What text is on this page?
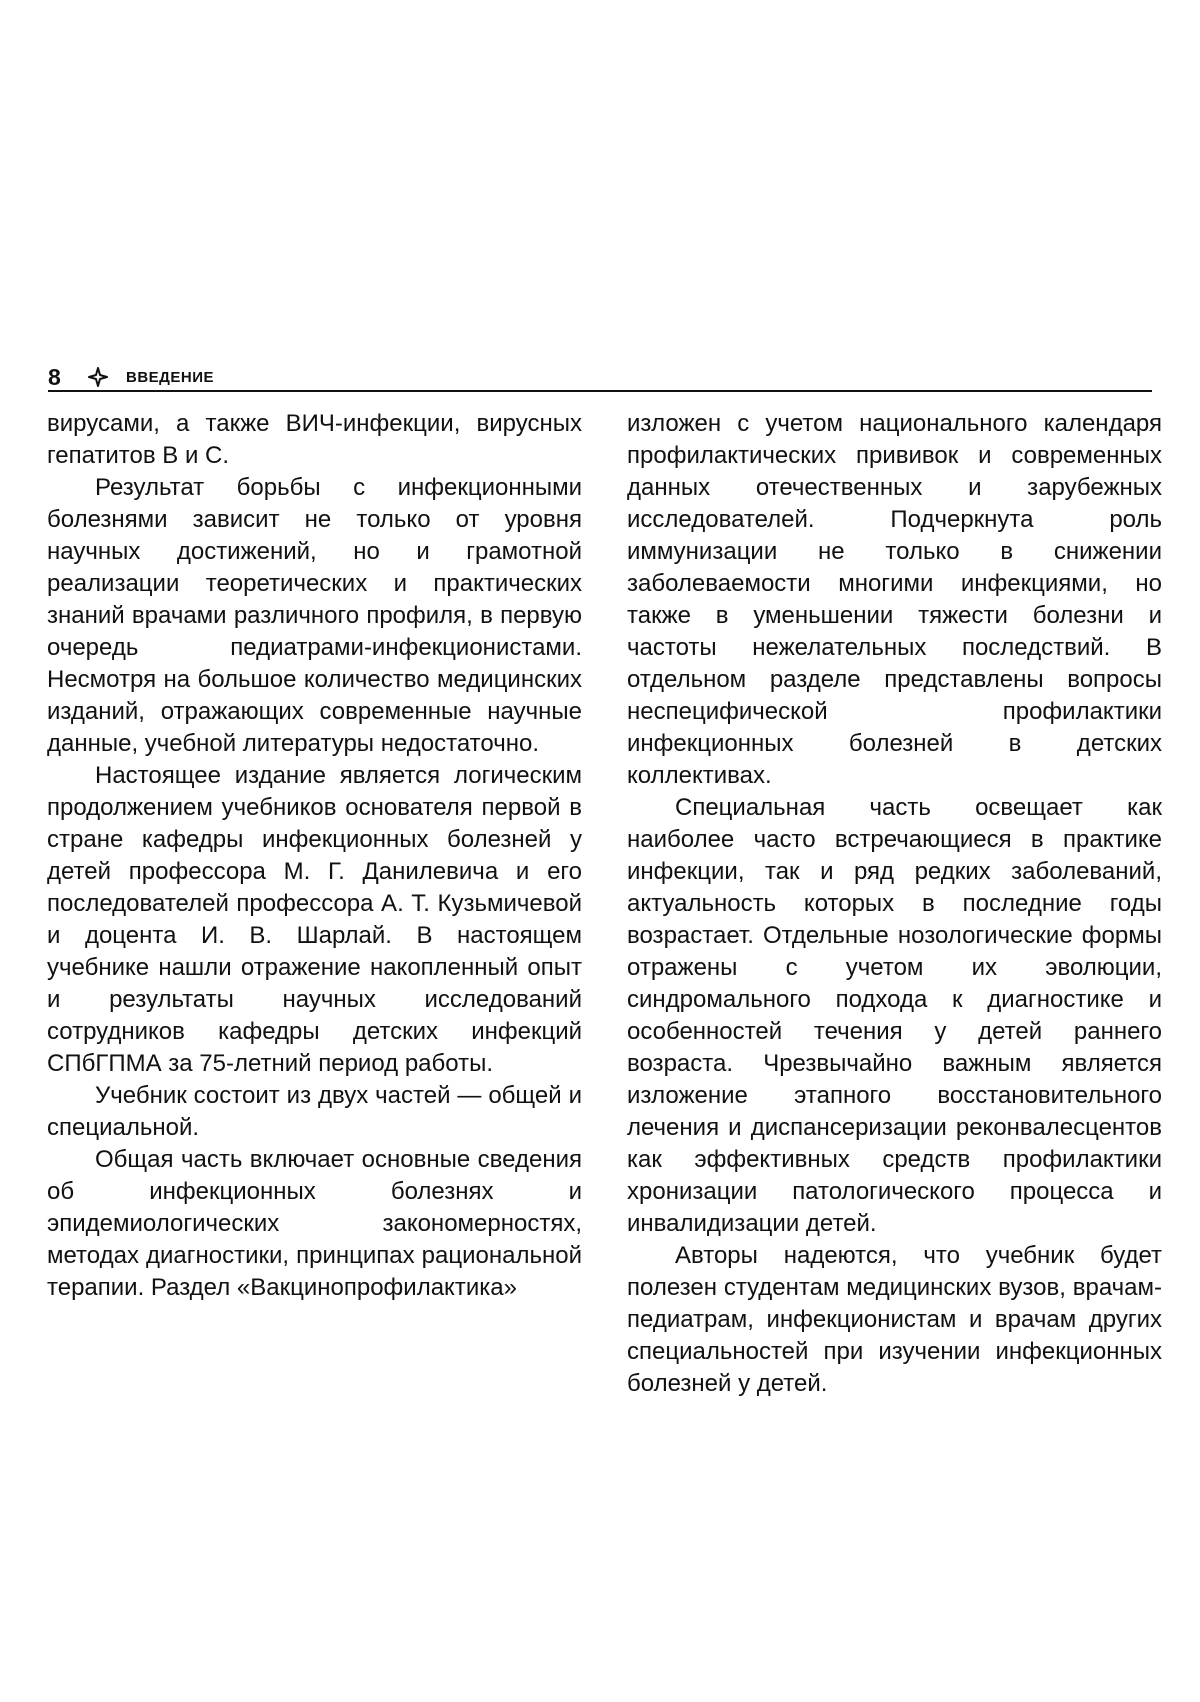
8	ВВЕДЕНИЕ

вирусами, а также ВИЧ-инфекции, вирусных гепатитов В и С.

Результат борьбы с инфекционными болезнями зависит не только от уровня научных достижений, но и грамотной реализации теоретических и практических знаний врачами различного профиля, в первую очередь педиатрами-инфекционистами. Несмотря на большое количество медицинских изданий, отражающих современные научные данные, учебной литературы недостаточно.

Настоящее издание является логическим продолжением учебников основателя первой в стране кафедры инфекционных болезней у детей профессора М. Г. Данилевича и его последователей профессора А. Т. Кузьмичевой и доцента И. В. Шарлай. В настоящем учебнике нашли отражение накопленный опыт и результаты научных исследований сотрудников кафедры детских инфекций СПбГПМА за 75-летний период работы.

Учебник состоит из двух частей — общей и специальной.

Общая часть включает основные сведения об инфекционных болезнях и эпидемиологических закономерностях, методах диагностики, принципах рациональной терапии. Раздел «Вакцинопрофилактика»

изложен с учетом национального календаря профилактических прививок и современных данных отечественных и зарубежных исследователей. Подчеркнута роль иммунизации не только в снижении заболеваемости многими инфекциями, но также в уменьшении тяжести болезни и частоты нежелательных последствий. В отдельном разделе представлены вопросы неспецифической профилактики инфекционных болезней в детских коллективах.

Специальная часть освещает как наиболее часто встречающиеся в практике инфекции, так и ряд редких заболеваний, актуальность которых в последние годы возрастает. Отдельные нозологические формы отражены с учетом их эволюции, синдромального подхода к диагностике и особенностей течения у детей раннего возраста. Чрезвычайно важным является изложение этапного восстановительного лечения и диспансеризации реконвалесцентов как эффективных средств профилактики хронизации патологического процесса и инвалидизации детей.

Авторы надеются, что учебник будет полезен студентам медицинских вузов, врачам-педиатрам, инфекционистам и врачам других специальностей при изучении инфекционных болезней у детей.
